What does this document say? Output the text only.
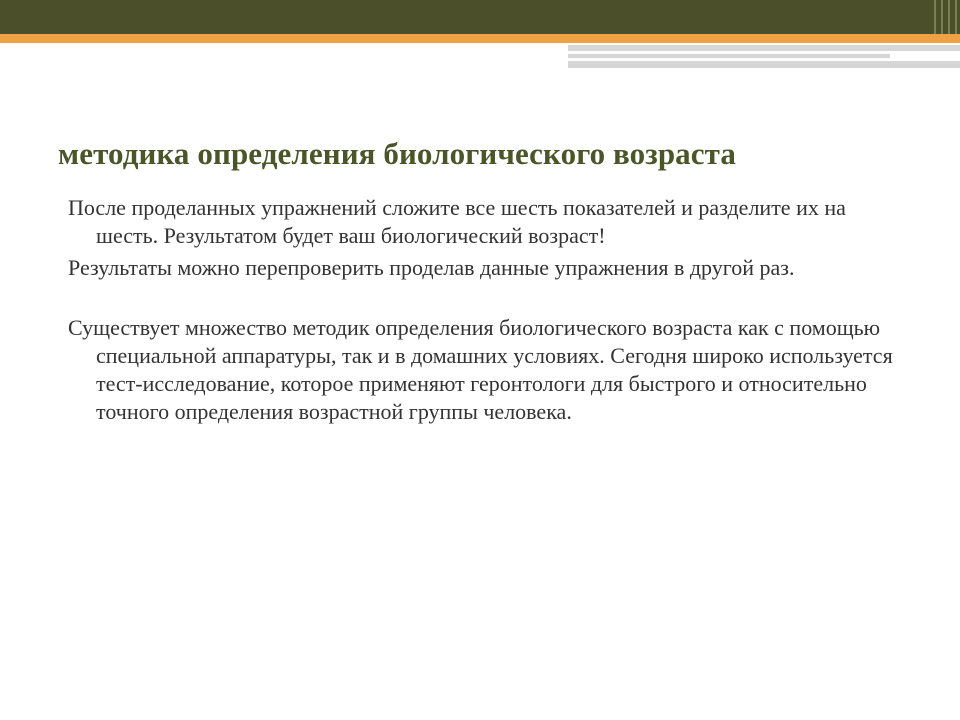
методика определения биологического возраста

После проделанных упражнений сложите все шесть показателей и разделите их на шесть. Результатом будет ваш биологический возраст!

Результаты можно перепроверить проделав данные упражнения в другой раз.

Существует множество методик определения биологического возраста как с помощью специальной аппаратуры, так и в домашних условиях. Сегодня широко используется тест-исследование, которое применяют геронтологи для быстрого и относительно точного определения возрастной группы человека.
